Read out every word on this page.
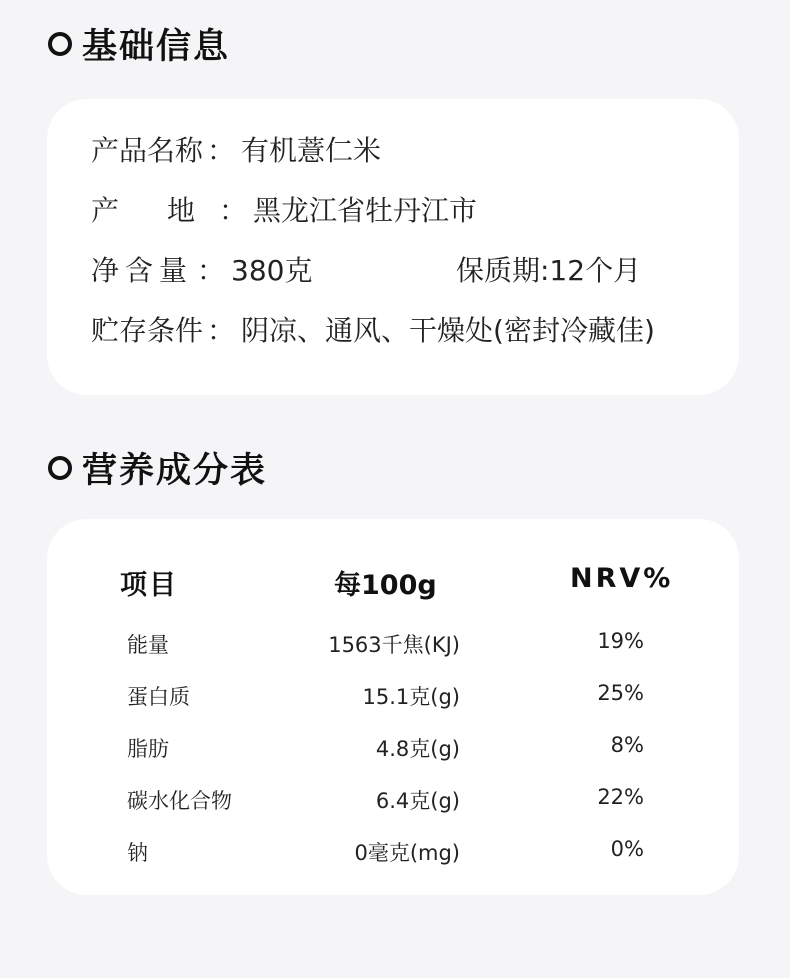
基础信息
产品名称 ： 有机薏仁米
产 地 ： 黑龙江省牡丹江市
净含量 ： 380克	保质期:12个月
贮存条件 ： 阴凉、通风、干燥处(密封冷藏佳)
营养成分表
项目	每100g	NRV%
能量	1563千焦(KJ)	19%
蛋白质	15.1克(g)	25%
脂肪	4.8克(g)	8%
碳水化合物	6.4克(g)	22%
钠	0毫克(mg)	0%
